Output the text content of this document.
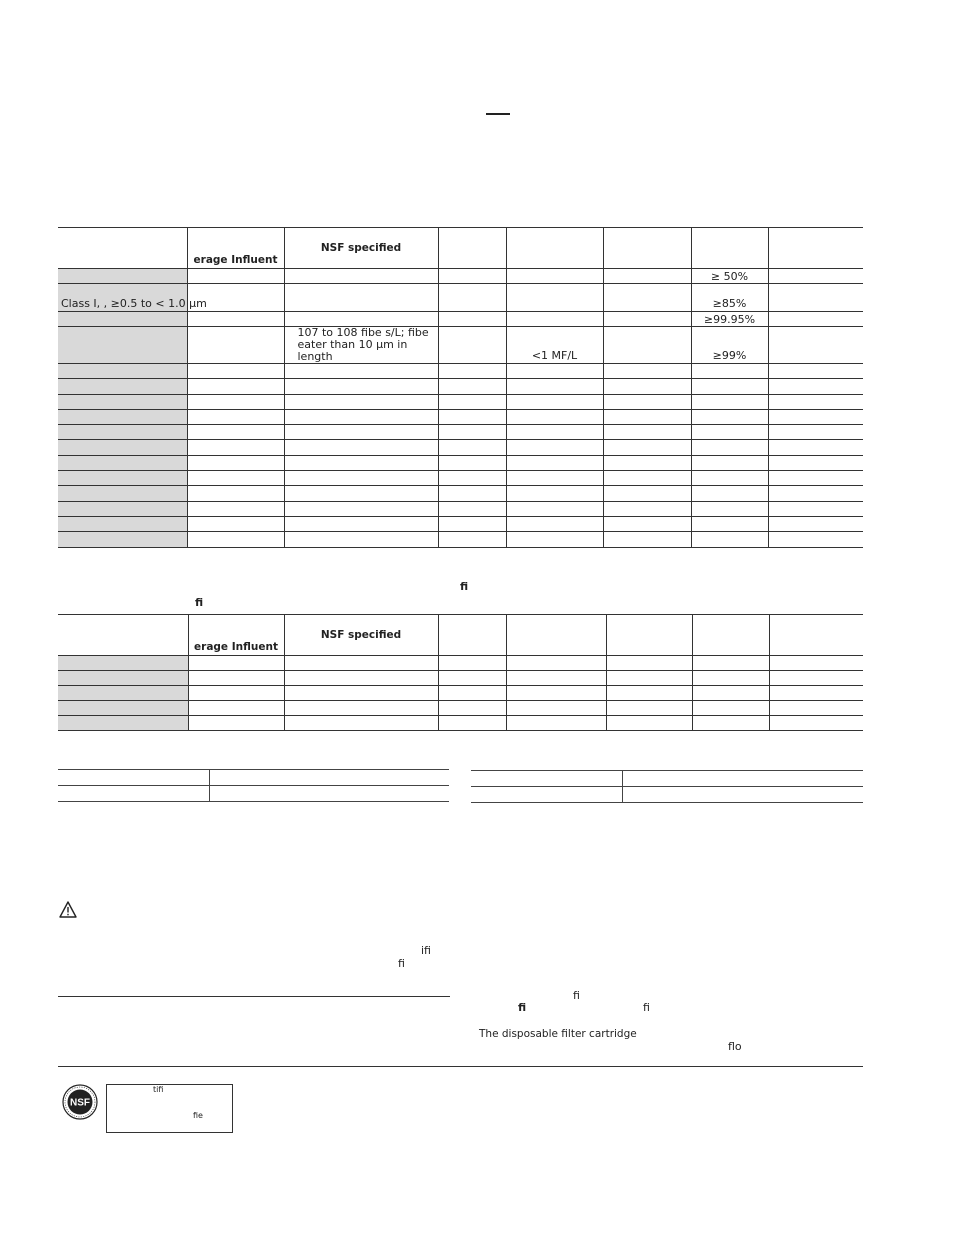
	erage Influent	NSF specified					

						≥ 50%	
Class I, , ≥0.5 to < 1.0 μm						≥85%	
						≥99.95%	
		107 to 108 fibe s/L; fibe eater than 10 μm in length		<1 MF/L		≥99%	

fi
fi
	erage Influent	NSF specified					

ifi
fi
fi
fi	fi
The disposable filter cartridge
flo
NSF
tifi
fie
